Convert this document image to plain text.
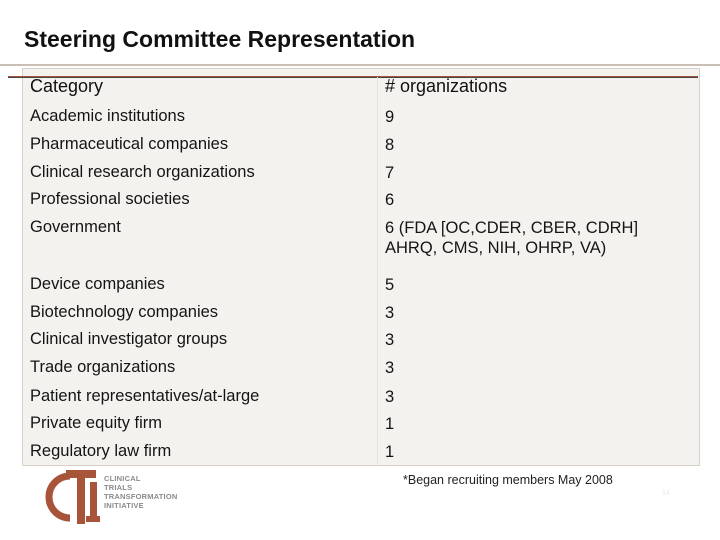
Steering Committee Representation
Category	# organizations
Academic institutions	9
Pharmaceutical companies	8
Clinical research organizations	7
Professional societies	6
Government	6 (FDA [OC,CDER, CBER, CDRH]
AHRQ, CMS, NIH, OHRP, VA)
Device companies	5
Biotechnology companies	3
Clinical investigator groups	3
Trade organizations	3
Patient representatives/at-large	3
Private equity firm	1
Regulatory law firm	1
CLINICAL
TRIALS
TRANSFORMATION
INITIATIVE
*Began recruiting members May 2008
14
